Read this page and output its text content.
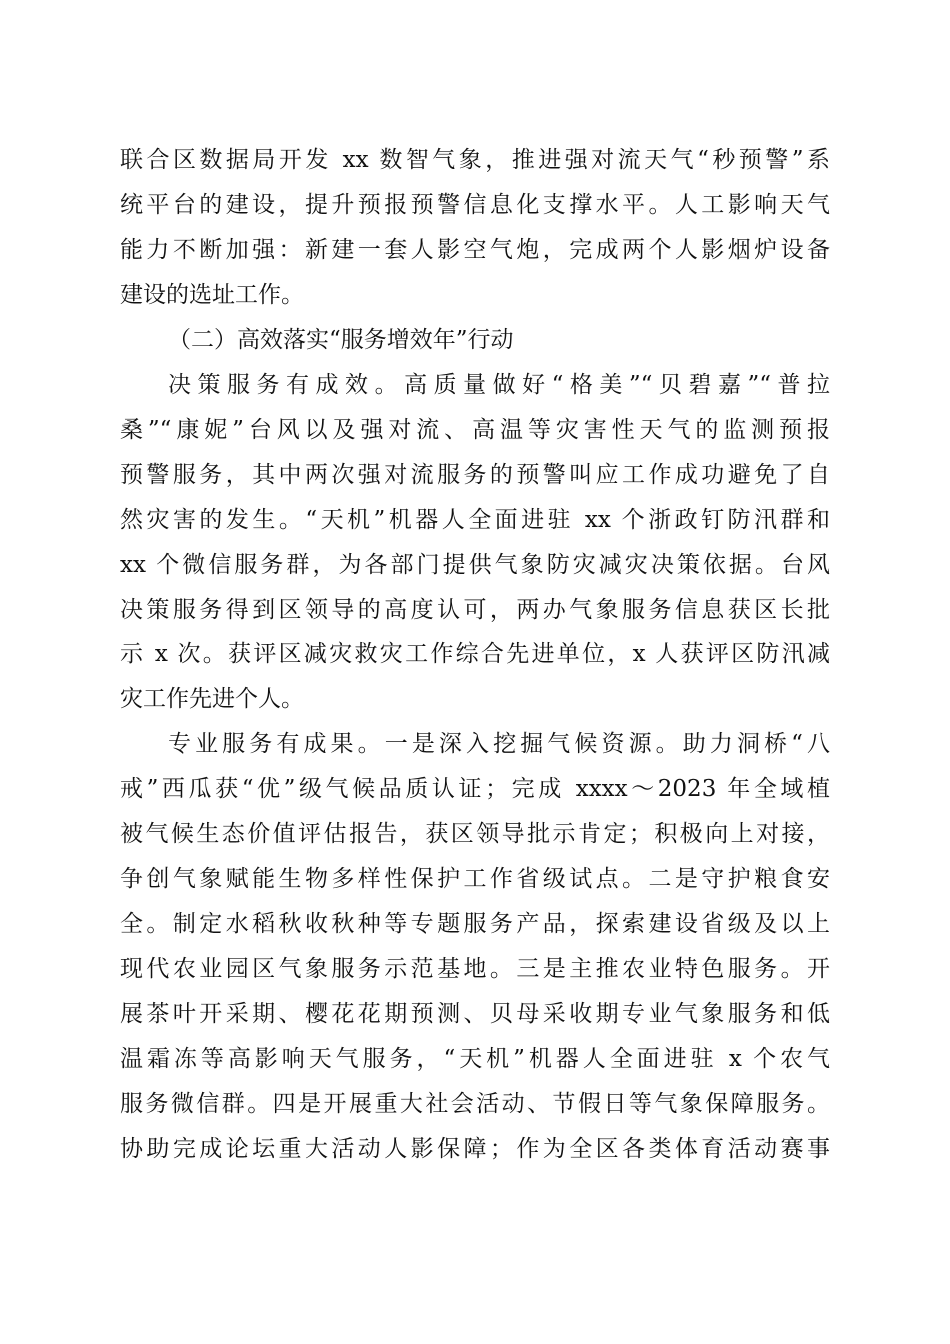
联合区数据局开发 xx 数智气象，推进强对流天气“秒预警”系
统平台的建设，提升预报预警信息化支撑水平。人工影响天气
能力不断加强：新建一套人影空气炮，完成两个人影烟炉设备
建设的选址工作。
（二）高效落实“服务增效年”行动
决策服务有成效。高质量做好“格美”“贝碧嘉”“普拉
桑”“康妮”台风以及强对流、高温等灾害性天气的监测预报
预警服务，其中两次强对流服务的预警叫应工作成功避免了自
然灾害的发生。“天机”机器人全面进驻 xx 个浙政钉防汛群和
xx 个微信服务群，为各部门提供气象防灾减灾决策依据。台风
决策服务得到区领导的高度认可，两办气象服务信息获区长批
示 x 次。获评区减灾救灾工作综合先进单位，x 人获评区防汛减
灾工作先进个人。
专业服务有成果。一是深入挖掘气候资源。助力洞桥“八
戒”西瓜获“优”级气候品质认证；完成 xxxx～2023 年全域植
被气候生态价值评估报告，获区领导批示肯定；积极向上对接，
争创气象赋能生物多样性保护工作省级试点。二是守护粮食安
全。制定水稻秋收秋种等专题服务产品，探索建设省级及以上
现代农业园区气象服务示范基地。三是主推农业特色服务。开
展茶叶开采期、樱花花期预测、贝母采收期专业气象服务和低
温霜冻等高影响天气服务，“天机”机器人全面进驻 x 个农气
服务微信群。四是开展重大社会活动、节假日等气象保障服务。
协助完成论坛重大活动人影保障；作为全区各类体育活动赛事
